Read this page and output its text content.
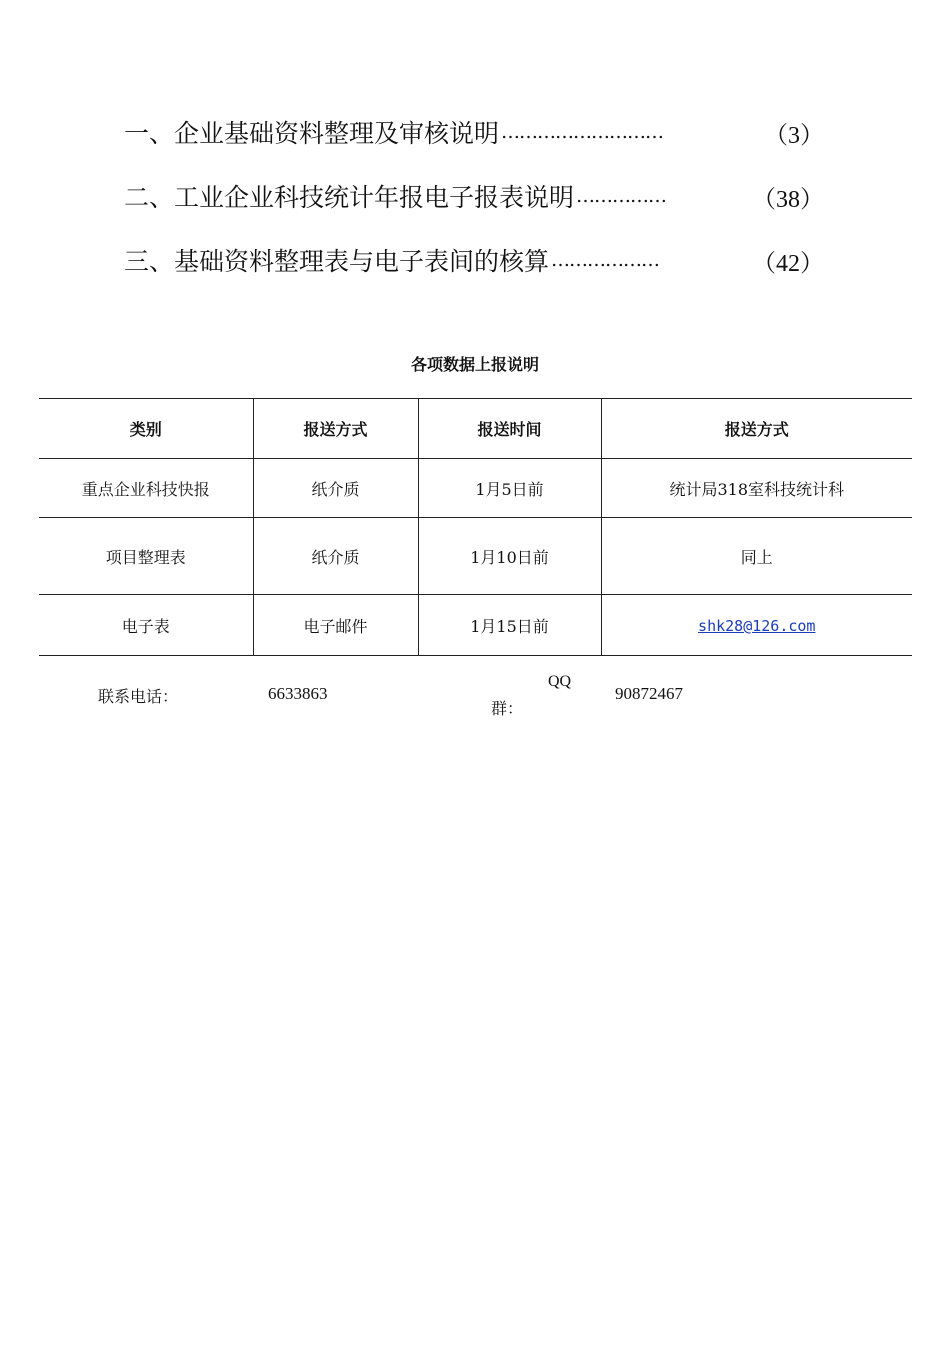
一、企业基础资料整理及审核说明 ………………………	（3）
二、工业企业科技统计年报电子报表说明 ……………	（38）
三、基础资料整理表与电子表间的核算 ………………	（42）
各项数据上报说明
类别	报送方式	报送时间	报送方式
重点企业科技快报	纸介质	1月5日前	统计局318室科技统计科
项目整理表	纸介质	1月10日前	同上
电子表	电子邮件	1月15日前	shk28@126.com
联系电话：	6633863
QQ
群：
90872467
